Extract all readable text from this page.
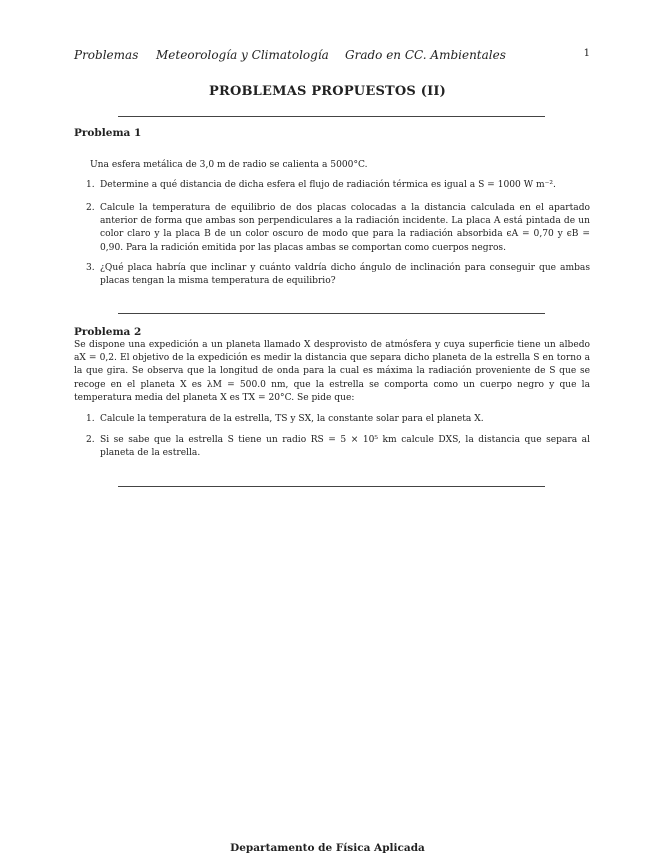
Problemas Meteorología y Climatología Grado en CC. Ambientales	1
PROBLEMAS PROPUESTOS (II)
Problema 1
Una esfera metálica de 3,0 m de radio se calienta a 5000°C.
1. Determine a qué distancia de dicha esfera el flujo de radiación térmica es igual a S = 1000 W m⁻².
2. Calcule la temperatura de equilibrio de dos placas colocadas a la distancia calculada en el apartado anterior de forma que ambas son perpendiculares a la radiación incidente. La placa A está pintada de un color claro y la placa B de un color oscuro de modo que para la radiación absorbida ϵA = 0,70 y ϵB = 0,90. Para la radición emitida por las placas ambas se comportan como cuerpos negros.
3. ¿Qué placa habría que inclinar y cuánto valdría dicho ángulo de inclinación para conseguir que ambas placas tengan la misma temperatura de equilibrio?
Problema 2
Se dispone una expedición a un planeta llamado X desprovisto de atmósfera y cuya superficie tiene un albedo aX = 0,2. El objetivo de la expedición es medir la distancia que separa dicho planeta de la estrella S en torno a la que gira. Se observa que la longitud de onda para la cual es máxima la radiación proveniente de S que se recoge en el planeta X es λM = 500.0 nm, que la estrella se comporta como un cuerpo negro y que la temperatura media del planeta X es TX = 20°C. Se pide que:
1. Calcule la temperatura de la estrella, TS y SX, la constante solar para el planeta X.
2. Si se sabe que la estrella S tiene un radio RS = 5 × 10⁵ km calcule DXS, la distancia que separa al planeta de la estrella.
Departamento de Física Aplicada
